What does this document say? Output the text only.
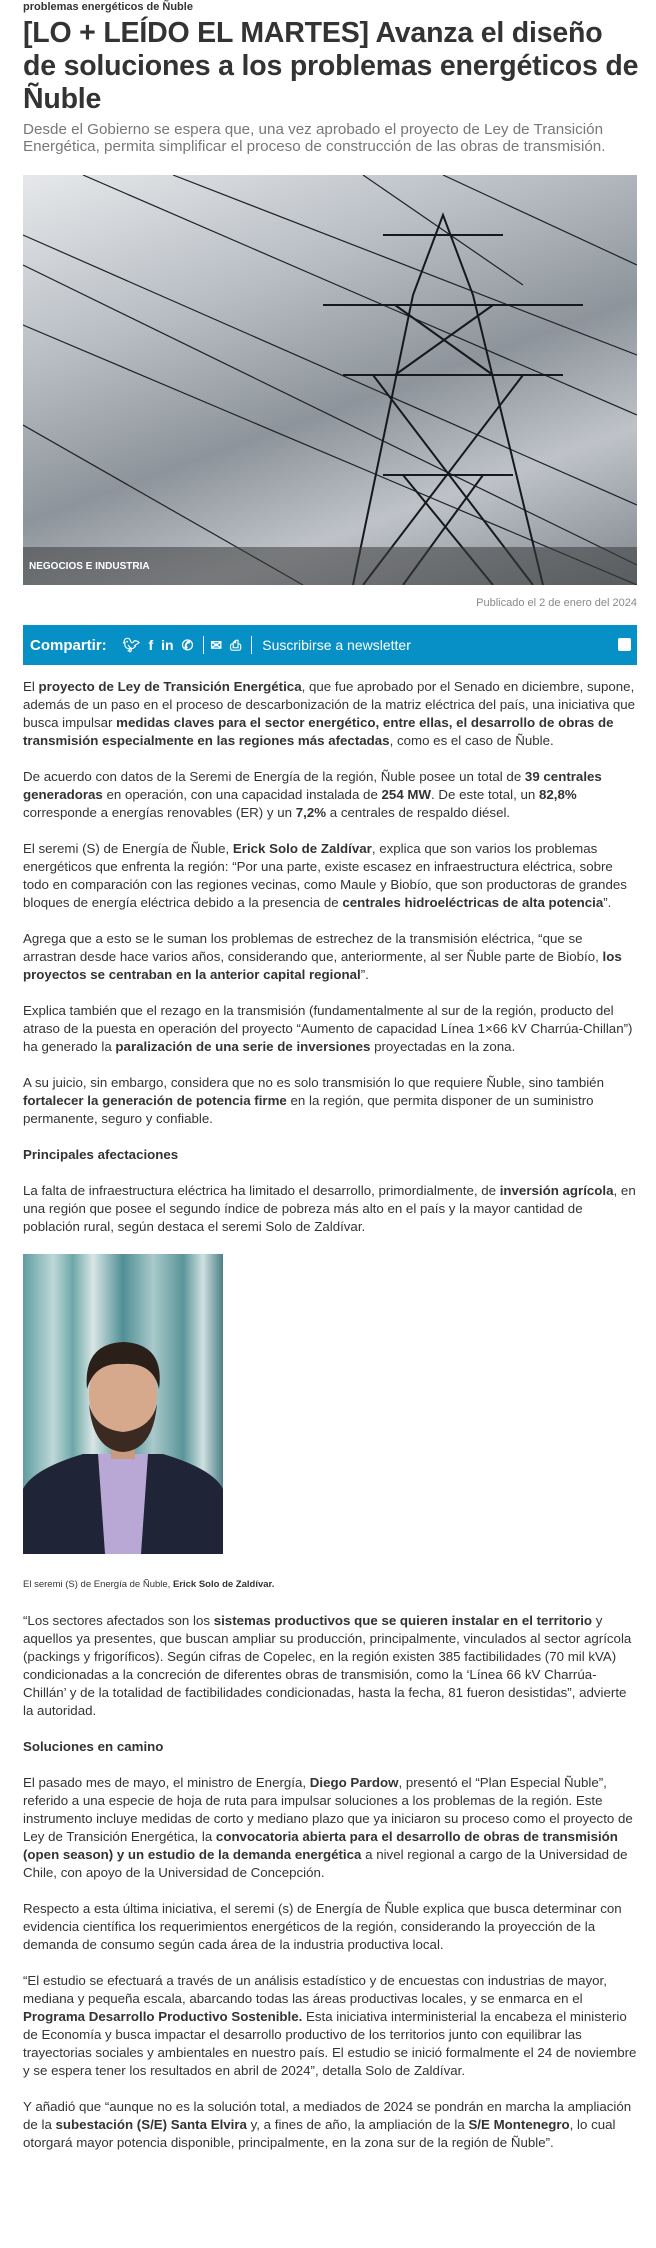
problemas energéticos de Ñuble
[LO + LEÍDO EL MARTES] Avanza el diseño de soluciones a los problemas energéticos de Ñuble
Desde el Gobierno se espera que, una vez aprobado el proyecto de Ley de Transición Energética, permita simplificar el proceso de construcción de las obras de transmisión.
NEGOCIOS E INDUSTRIA
Publicado el 2 de enero del 2024
Compartir: 🐦︎ f in ✆ ✉ ⎙ Suscribirse a newsletter

El proyecto de Ley de Transición Energética, que fue aprobado por el Senado en diciembre, supone, además de un paso en el proceso de descarbonización de la matriz eléctrica del país, una iniciativa que busca impulsar medidas claves para el sector energético, entre ellas, el desarrollo de obras de transmisión especialmente en las regiones más afectadas, como es el caso de Ñuble.

De acuerdo con datos de la Seremi de Energía de la región, Ñuble posee un total de 39 centrales generadoras en operación, con una capacidad instalada de 254 MW. De este total, un 82,8% corresponde a energías renovables (ER) y un 7,2% a centrales de respaldo diésel.

El seremi (S) de Energía de Ñuble, Erick Solo de Zaldívar, explica que son varios los problemas energéticos que enfrenta la región: “Por una parte, existe escasez en infraestructura eléctrica, sobre todo en comparación con las regiones vecinas, como Maule y Biobío, que son productoras de grandes bloques de energía eléctrica debido a la presencia de centrales hidroeléctricas de alta potencia”.

Agrega que a esto se le suman los problemas de estrechez de la transmisión eléctrica, “que se arrastran desde hace varios años, considerando que, anteriormente, al ser Ñuble parte de Biobío, los proyectos se centraban en la anterior capital regional”.

Explica también que el rezago en la transmisión (fundamentalmente al sur de la región, producto del atraso de la puesta en operación del proyecto “Aumento de capacidad Línea 1×66 kV Charrúa-Chillan”) ha generado la paralización de una serie de inversiones proyectadas en la zona.

A su juicio, sin embargo, considera que no es solo transmisión lo que requiere Ñuble, sino también fortalecer la generación de potencia firme en la región, que permita disponer de un suministro permanente, seguro y confiable.

Principales afectaciones

La falta de infraestructura eléctrica ha limitado el desarrollo, primordialmente, de inversión agrícola, en una región que posee el segundo índice de pobreza más alto en el país y la mayor cantidad de población rural, según destaca el seremi Solo de Zaldívar.

El seremi (S) de Energía de Ñuble, Erick Solo de Zaldívar.

“Los sectores afectados son los sistemas productivos que se quieren instalar en el territorio y aquellos ya presentes, que buscan ampliar su producción, principalmente, vinculados al sector agrícola (packings y frigoríficos). Según cifras de Copelec, en la región existen 385 factibilidades (70 mil kVA) condicionadas a la concreción de diferentes obras de transmisión, como la ‘Línea 66 kV Charrúa-Chillán’ y de la totalidad de factibilidades condicionadas, hasta la fecha, 81 fueron desistidas”, advierte la autoridad.

Soluciones en camino

El pasado mes de mayo, el ministro de Energía, Diego Pardow, presentó el “Plan Especial Ñuble”, referido a una especie de hoja de ruta para impulsar soluciones a los problemas de la región. Este instrumento incluye medidas de corto y mediano plazo que ya iniciaron su proceso como el proyecto de Ley de Transición Energética, la convocatoria abierta para el desarrollo de obras de transmisión (open season) y un estudio de la demanda energética a nivel regional a cargo de la Universidad de Chile, con apoyo de la Universidad de Concepción.

Respecto a esta última iniciativa, el seremi (s) de Energía de Ñuble explica que busca determinar con evidencia científica los requerimientos energéticos de la región, considerando la proyección de la demanda de consumo según cada área de la industria productiva local.

“El estudio se efectuará a través de un análisis estadístico y de encuestas con industrias de mayor, mediana y pequeña escala, abarcando todas las áreas productivas locales, y se enmarca en el Programa Desarrollo Productivo Sostenible. Esta iniciativa interministerial la encabeza el ministerio de Economía y busca impactar el desarrollo productivo de los territorios junto con equilibrar las trayectorias sociales y ambientales en nuestro país. El estudio se inició formalmente el 24 de noviembre y se espera tener los resultados en abril de 2024”, detalla Solo de Zaldívar.

Y añadió que “aunque no es la solución total, a mediados de 2024 se pondrán en marcha la ampliación de la subestación (S/E) Santa Elvira y, a fines de año, la ampliación de la S/E Montenegro, lo cual otorgará mayor potencia disponible, principalmente, en la zona sur de la región de Ñuble”.
